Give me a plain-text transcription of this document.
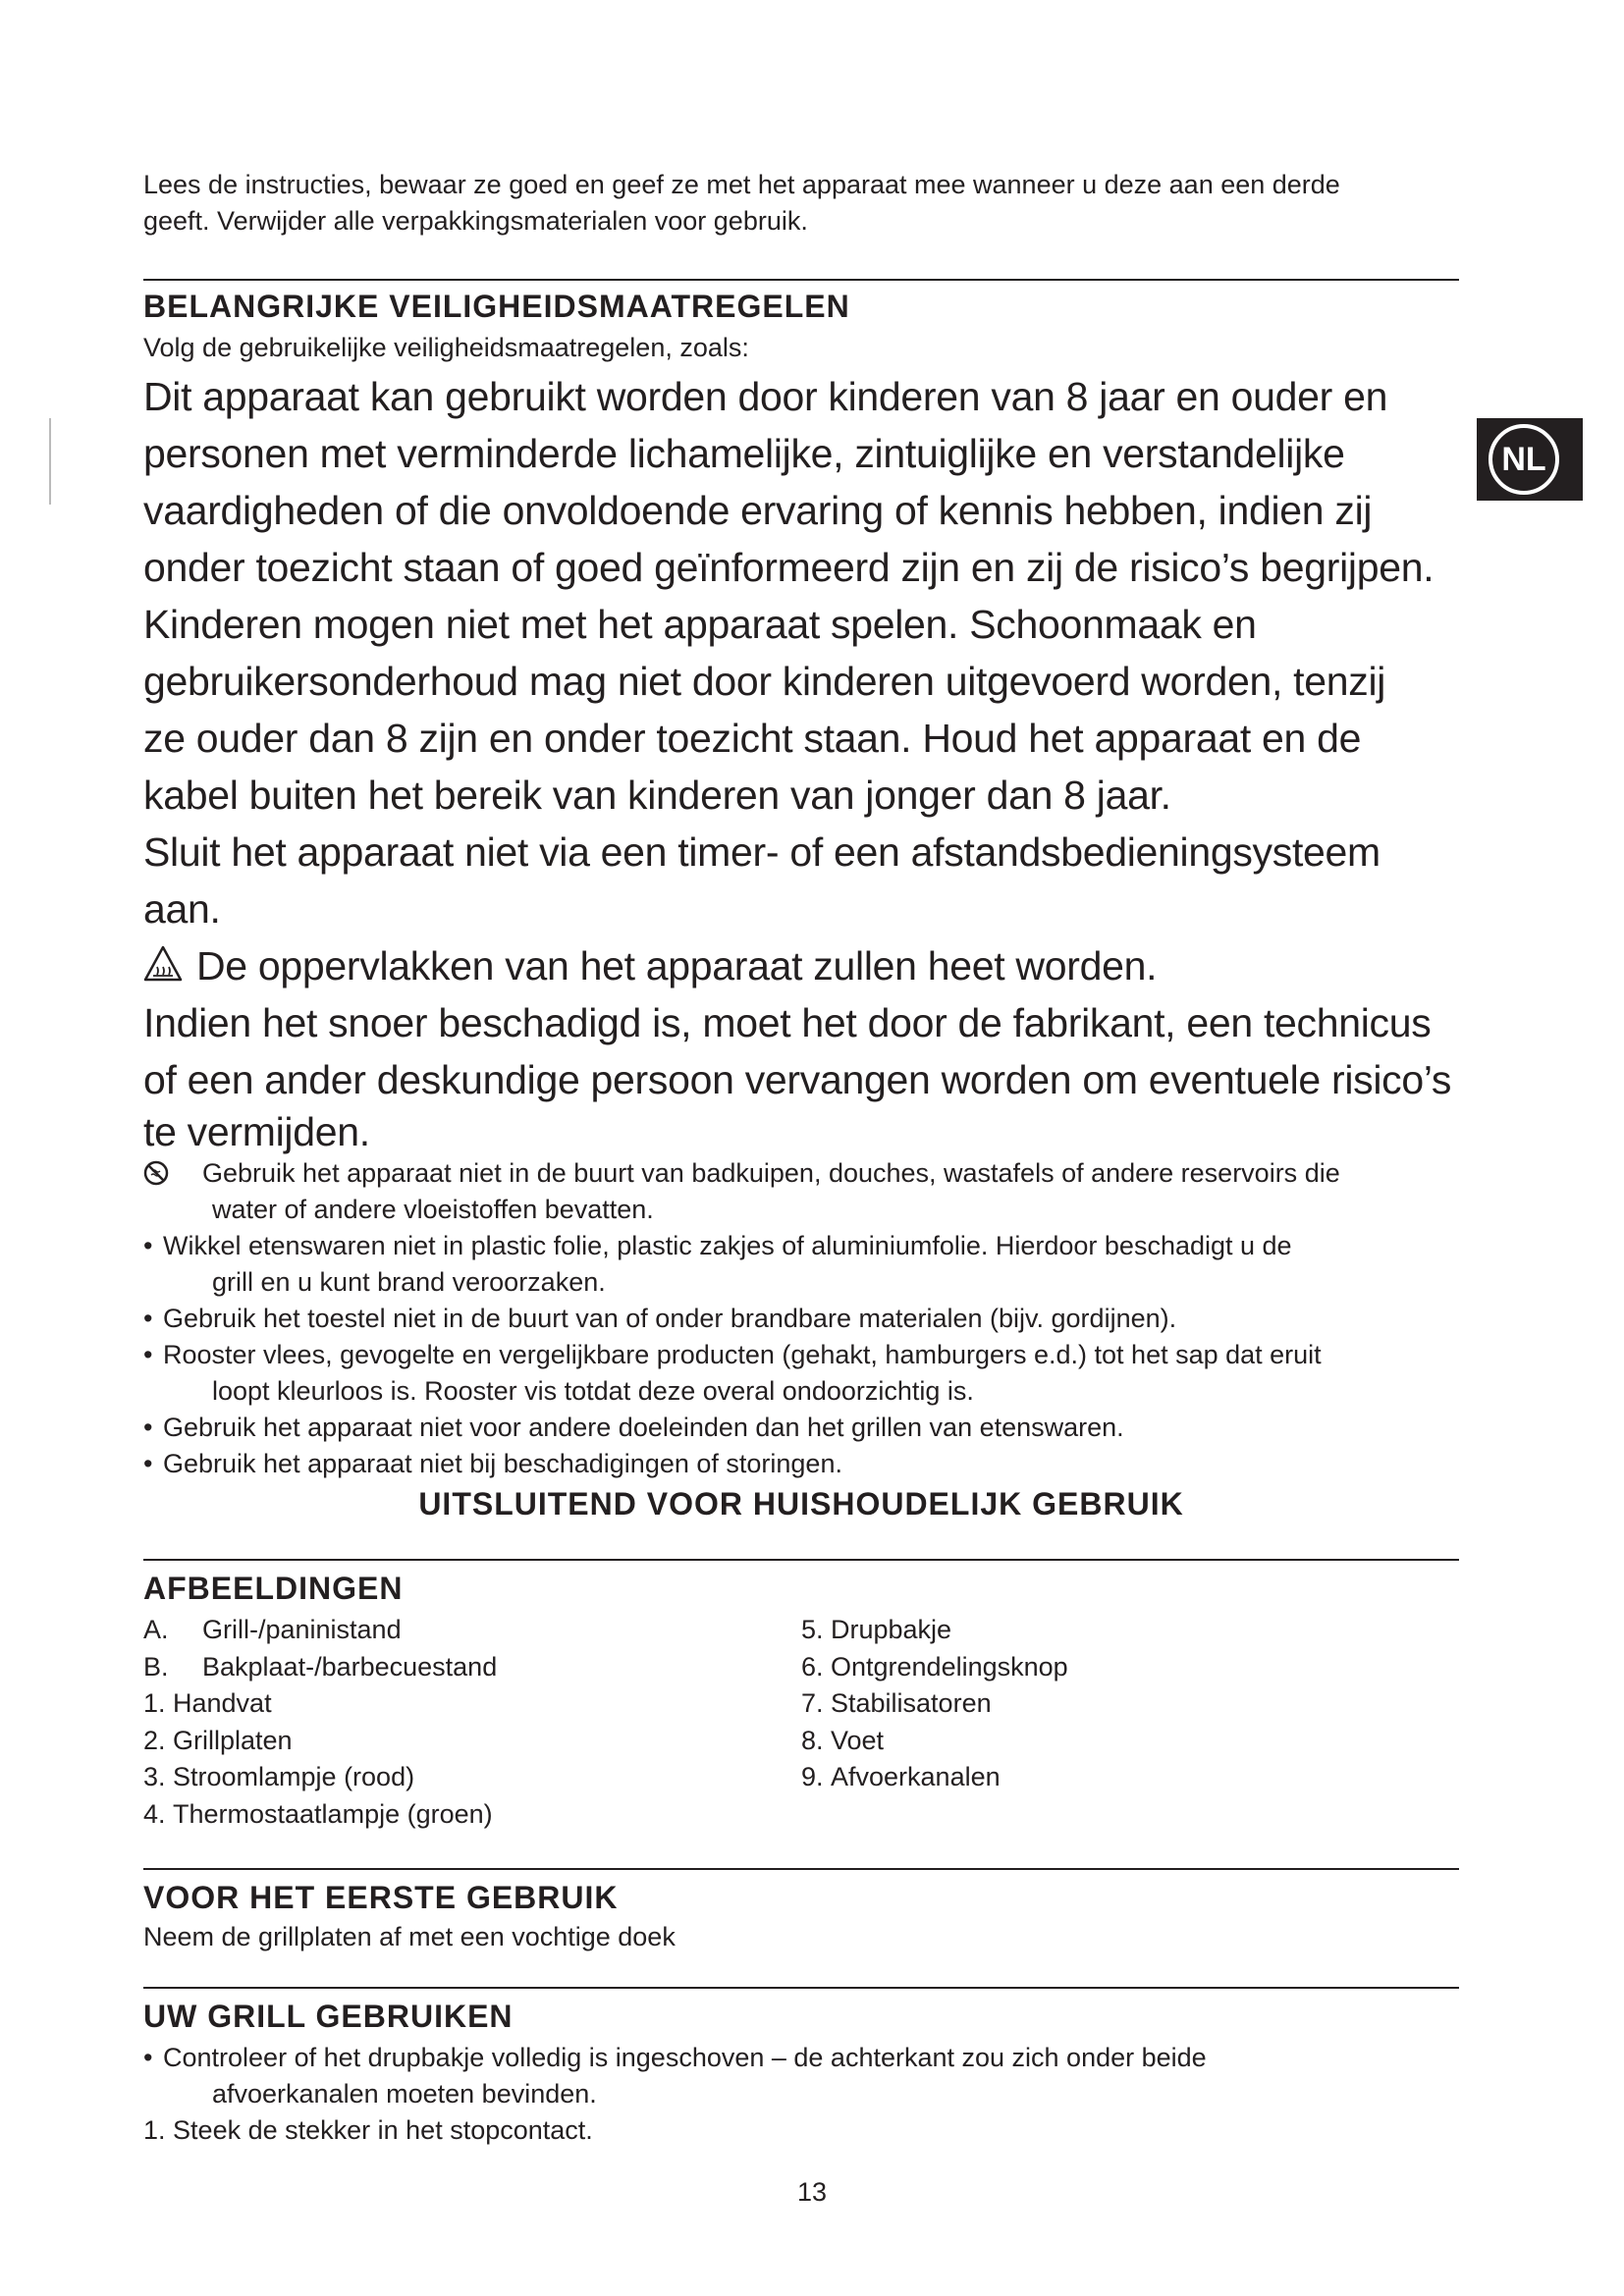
NL

Lees de instructies, bewaar ze goed en geef ze met het apparaat mee wanneer u deze aan een derde geeft. Verwijder alle verpakkingsmaterialen voor gebruik.

BELANGRIJKE VEILIGHEIDSMAATREGELEN

Volg de gebruikelijke veiligheidsmaatregelen, zoals:

Dit apparaat kan gebruikt worden door kinderen van 8 jaar en ouder en

personen met verminderde lichamelijke, zintuiglijke en verstandelijke

vaardigheden of die onvoldoende ervaring of kennis hebben, indien zij

onder toezicht staan of goed geïnformeerd zijn en zij de risico’s begrijpen.

Kinderen mogen niet met het apparaat spelen. Schoonmaak en

gebruikersonderhoud mag niet door kinderen uitgevoerd worden, tenzij

ze ouder dan 8 zijn en onder toezicht staan. Houd het apparaat en de

kabel buiten het bereik van kinderen van jonger dan 8 jaar.

Sluit het apparaat niet via een timer- of een afstandsbedieningsysteem aan.

De oppervlakken van het apparaat zullen heet worden.

Indien het snoer beschadigd is, moet het door de fabrikant, een technicus

of een ander deskundige persoon vervangen worden om eventuele risico’s

te vermijden.

Gebruik het apparaat niet in de buurt van badkuipen, douches, wastafels of andere reservoirs die
water of andere vloeistoffen bevatten.
• Wikkel etenswaren niet in plastic folie, plastic zakjes of aluminiumfolie. Hierdoor beschadigt u de
grill en u kunt brand veroorzaken.
• Gebruik het toestel niet in de buurt van of onder brandbare materialen (bijv. gordijnen).
• Rooster vlees, gevogelte en vergelijkbare producten (gehakt, hamburgers e.d.) tot het sap dat eruit
loopt kleurloos is. Rooster vis totdat deze overal ondoorzichtig is.
• Gebruik het apparaat niet voor andere doeleinden dan het grillen van etenswaren.
• Gebruik het apparaat niet bij beschadigingen of storingen.
UITSLUITEND VOOR HUISHOUDELIJK GEBRUIK
AFBEELDINGEN
A. Grill-/paninistand
B. Bakplaat-/barbecuestand
1. Handvat
2. Grillplaten
3. Stroomlampje (rood)
4. Thermostaatlampje (groen)
5. Drupbakje
6. Ontgrendelingsknop
7. Stabilisatoren
8. Voet
9. Afvoerkanalen
VOOR HET EERSTE GEBRUIK

Neem de grillplaten af met een vochtige doek

UW GRILL GEBRUIKEN
• Controleer of het drupbakje volledig is ingeschoven – de achterkant zou zich onder beide
afvoerkanalen moeten bevinden.
1. Steek de stekker in het stopcontact.
13
